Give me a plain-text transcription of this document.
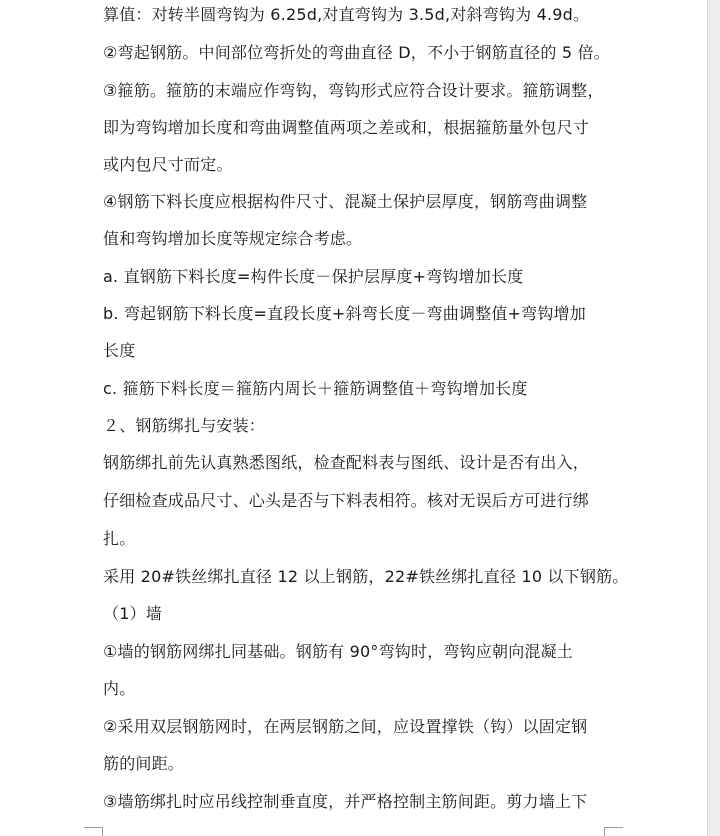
算值：对转半圆弯钩为 6.25d,对直弯钩为 3.5d,对斜弯钩为 4.9d。
②弯起钢筋。中间部位弯折处的弯曲直径 D，不小于钢筋直径的 5 倍。
③箍筋。箍筋的末端应作弯钩，弯钩形式应符合设计要求。箍筋调整，
即为弯钩增加长度和弯曲调整值两项之差或和，根据箍筋量外包尺寸
或内包尺寸而定。
④钢筋下料长度应根据构件尺寸、混凝土保护层厚度，钢筋弯曲调整
值和弯钩增加长度等规定综合考虑。
a. 直钢筋下料长度=构件长度－保护层厚度+弯钩增加长度
b. 弯起钢筋下料长度=直段长度+斜弯长度－弯曲调整值+弯钩增加
长度
c. 箍筋下料长度＝箍筋内周长＋箍筋调整值＋弯钩增加长度
２、钢筋绑扎与安装：
钢筋绑扎前先认真熟悉图纸，检查配料表与图纸、设计是否有出入，
仔细检查成品尺寸、心头是否与下料表相符。核对无误后方可进行绑
扎。
采用 20#铁丝绑扎直径 12 以上钢筋，22#铁丝绑扎直径 10 以下钢筋。
（1）墙
①墙的钢筋网绑扎同基础。钢筋有 90°弯钩时，弯钩应朝向混凝土
内。
②采用双层钢筋网时，在两层钢筋之间，应设置撑铁（钩）以固定钢
筋的间距。
③墙筋绑扎时应吊线控制垂直度，并严格控制主筋间距。剪力墙上下
